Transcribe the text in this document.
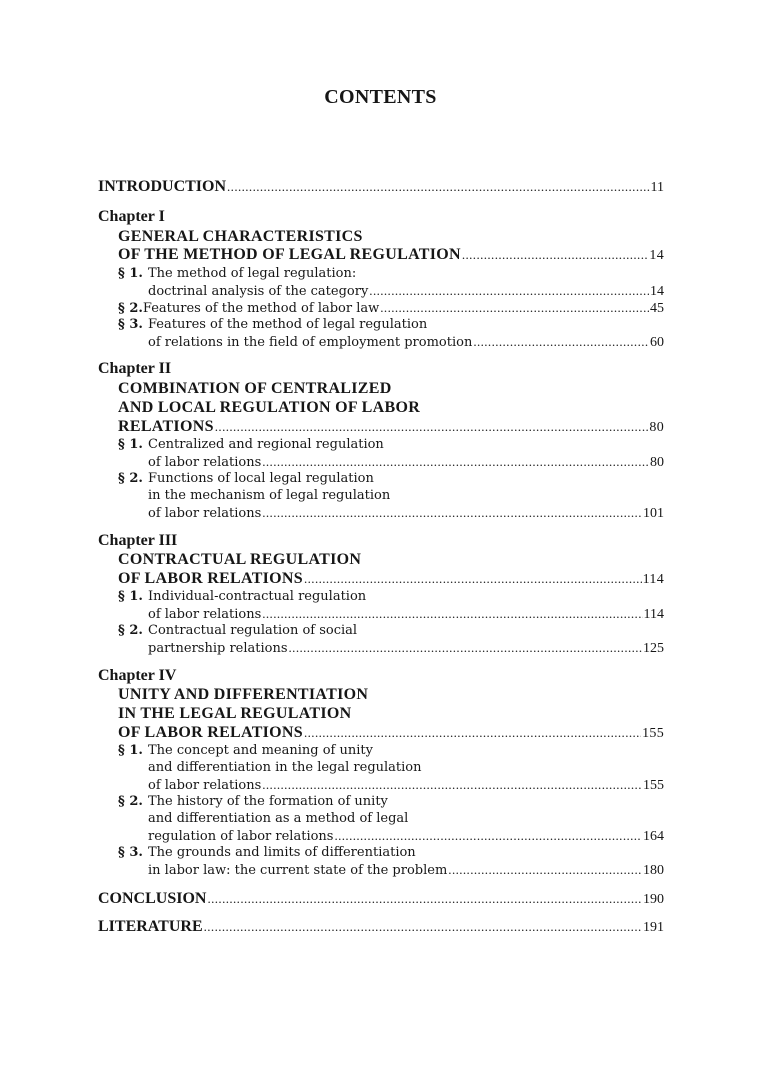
CONTENTS
INTRODUCTION .....	11
Chapter I
GENERAL CHARACTERISTICS
OF THE METHOD OF LEGAL REGULATION .....	14
§ 1. The method of legal regulation:
doctrinal analysis of the category .....	14
§ 2. Features of the method of labor law .....	45
§ 3. Features of the method of legal regulation
of relations in the field of employment promotion .....	60
Chapter II
COMBINATION OF CENTRALIZED
AND LOCAL REGULATION OF LABOR
RELATIONS .....	80
§ 1. Centralized and regional regulation
of labor relations .....	80
§ 2. Functions of local legal regulation
in the mechanism of legal regulation
of labor relations .....	101
Chapter III
CONTRACTUAL REGULATION
OF LABOR RELATIONS .....	114
§ 1. Individual-contractual regulation
of labor relations .....	114
§ 2. Contractual regulation of social
partnership relations .....	125
Chapter IV
UNITY AND DIFFERENTIATION
IN THE LEGAL REGULATION
OF LABOR RELATIONS .....	155
§ 1. The concept and meaning of unity
and differentiation in the legal regulation
of labor relations .....	155
§ 2. The history of the formation of unity
and differentiation as a method of legal
regulation of labor relations .....	164
§ 3. The grounds and limits of differentiation
in labor law: the current state of the problem .....	180
CONCLUSION .....	190
LITERATURE .....	191
